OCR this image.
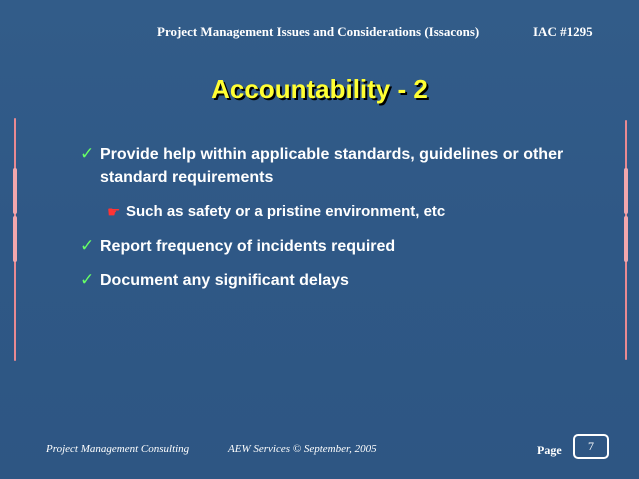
Project Management Issues and Considerations (Issacons)	IAC #1295
Accountability - 2
✓ Provide help within applicable standards, guidelines or other standard requirements
☛ Such as safety or a pristine environment, etc
✓ Report frequency of incidents required
✓ Document any significant delays
Project Management Consulting	AEW Services © September, 2005	Page	7
